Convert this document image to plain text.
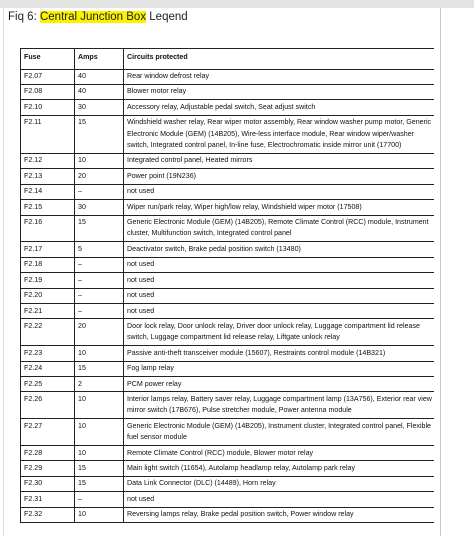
Fiq 6: Central Junction Box Leqend
Fuse	Amps	Circuits protected
F2.07	40	Rear window defrost relay
F2.08	40	Blower motor relay
F2.10	30	Accessory relay, Adjustable pedal switch, Seat adjust switch
F2.11	15	Windshield washer relay, Rear wiper motor assembly, Rear window washer pump motor, Generic Electronic Module (GEM) (14B205), Wire-less interface module, Rear window wiper/washer switch, Integrated control panel, In-line fuse, Electrochromatic inside mirror unit (17700)
F2.12	10	Integrated control panel, Heated mirrors
F2.13	20	Power point (19N236)
F2.14	–	not used
F2.15	30	Wiper run/park relay, Wiper high/low relay, Windshield wiper motor (17508)
F2.16	15	Generic Electronic Module (GEM) (14B205), Remote Climate Control (RCC) module, Instrument cluster, Multifunction switch, Integrated control panel
F2.17	5	Deactivator switch, Brake pedal position switch (13480)
F2.18	–	not used
F2.19	–	not used
F2.20	–	not used
F2.21	–	not used
F2.22	20	Door lock relay, Door unlock relay, Driver door unlock relay, Luggage compartment lid release switch, Luggage compartment lid release relay, Liftgate unlock relay
F2.23	10	Passive anti-theft transceiver module (15607), Restraints control module (14B321)
F2.24	15	Fog lamp relay
F2.25	2	PCM power relay
F2.26	10	Interior lamps relay, Battery saver relay, Luggage compartment lamp (13A756), Exterior rear view mirror switch (17B676), Pulse stretcher module, Power antenna module
F2.27	10	Generic Electronic Module (GEM) (14B205), Instrument cluster, Integrated control panel, Flexible fuel sensor module
F2.28	10	Remote Climate Control (RCC) module, Blower motor relay
F2.29	15	Main light switch (11654), Autolamp headlamp relay, Autolamp park relay
F2.30	15	Data Link Connector (DLC) (14489), Horn relay
F2.31	–	not used
F2.32	10	Reversing lamps relay, Brake pedal position switch, Power window relay
